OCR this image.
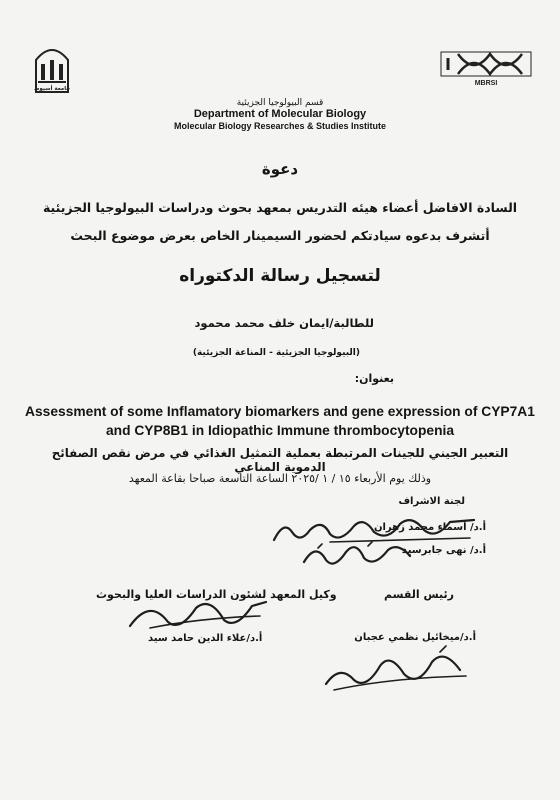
جامعة أسيوط
MBRSI
قسم البيولوجيا الجزيئية
Department of Molecular Biology
Molecular Biology Researches & Studies Institute
دعوة
السادة الافاضل أعضاء هيئه التدريس بمعهد بحوث ودراسات البيولوجيا الجزيئية
أتشرف بدعوه سيادتكم لحضور السيمينار الخاص بعرض موضوع البحث
لتسجيل رسالة الدكتوراه
للطالبة/ايمان خلف محمد محمود
(البيولوجيا الجزيئية - المناعة الجزيئية)
بعنوان:
Assessment of some Inflamatory biomarkers and gene expression of CYP7A1
and CYP8B1 in Idiopathic Immune thrombocytopenia
التعبير الجيني للجينات المرتبطة بعملية التمثيل الغذائي في مرض نقص الصفائح الدموية المناعي
وذلك يوم الأربعاء ١٥ / ١ /٢٠٢٥ الساعة التاسعة صباحا بقاعة المعهد
لجنة الاشراف
أ.د/ أسماء محمد زهران
أ.د/ نهى جابرسيد
وكيل المعهد لشئون الدراسات العليا والبحوث	رئيس القسم
أ.د/علاء الدين حامد سيد	أ.د/ميخائيل نظمي عجبان
